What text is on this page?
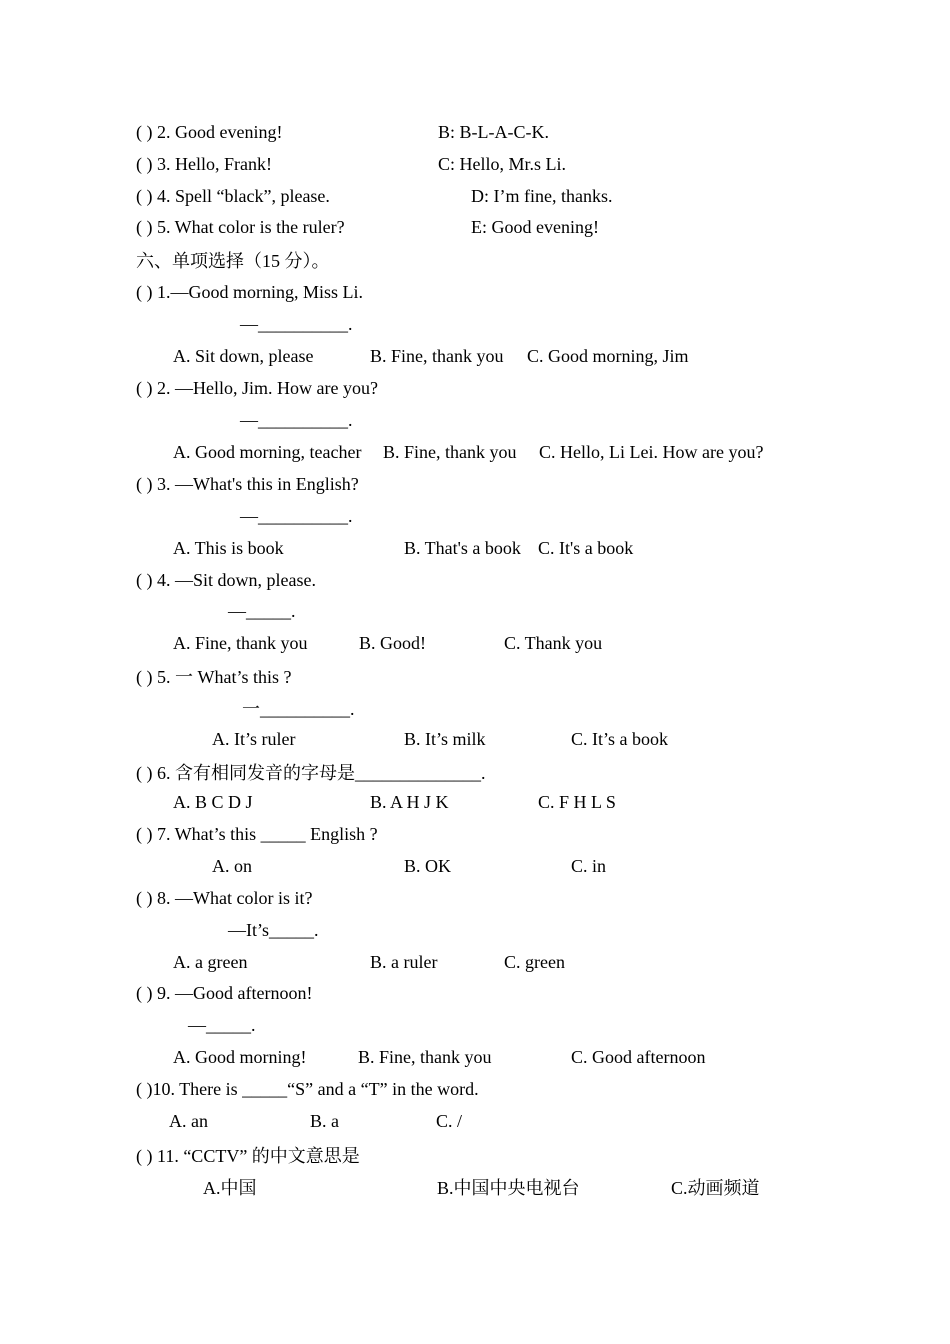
( ) 2. Good evening!	B: B-L-A-C-K.
( ) 3. Hello, Frank!	C: Hello, Mr.s Li.
( ) 4. Spell “black”, please.	D: I’m fine, thanks.
( ) 5. What color is the ruler?	E: Good evening!
六、单项选择（15 分）。
( ) 1.—Good morning, Miss Li.
—__________.
A. Sit down, please	B. Fine, thank you C. Good morning, Jim
( ) 2. —Hello, Jim. How are you?
—__________.
A. Good morning, teacher B. Fine, thank you C. Hello, Li Lei. How are you?
( ) 3. —What's this in English?
—__________.
A. This is book	B. That's a book C. It's a book
( ) 4. —Sit down, please.
—_____.
A. Fine, thank you	B. Good!	C. Thank you
( ) 5. 一 What’s this ?
一__________.
A. It’s ruler	B. It’s milk	C. It’s a book
( ) 6. 含有相同发音的字母是______________.
A. B C D J	B. A H J K	C. F H L S
( ) 7. What’s this _____ English ?
A. on	B. OK	C. in
( ) 8. —What color is it?
—It’s_____.
A. a green	B. a ruler	C. green
( ) 9. —Good afternoon!
—_____.
A. Good morning!	B. Fine, thank you	C. Good afternoon
( )10. There is _____“S” and a “T” in the word.
A. an	B. a	C. /
( ) 11. “CCTV” 的中文意思是
A.中国	B.中国中央电视台	C.动画频道
